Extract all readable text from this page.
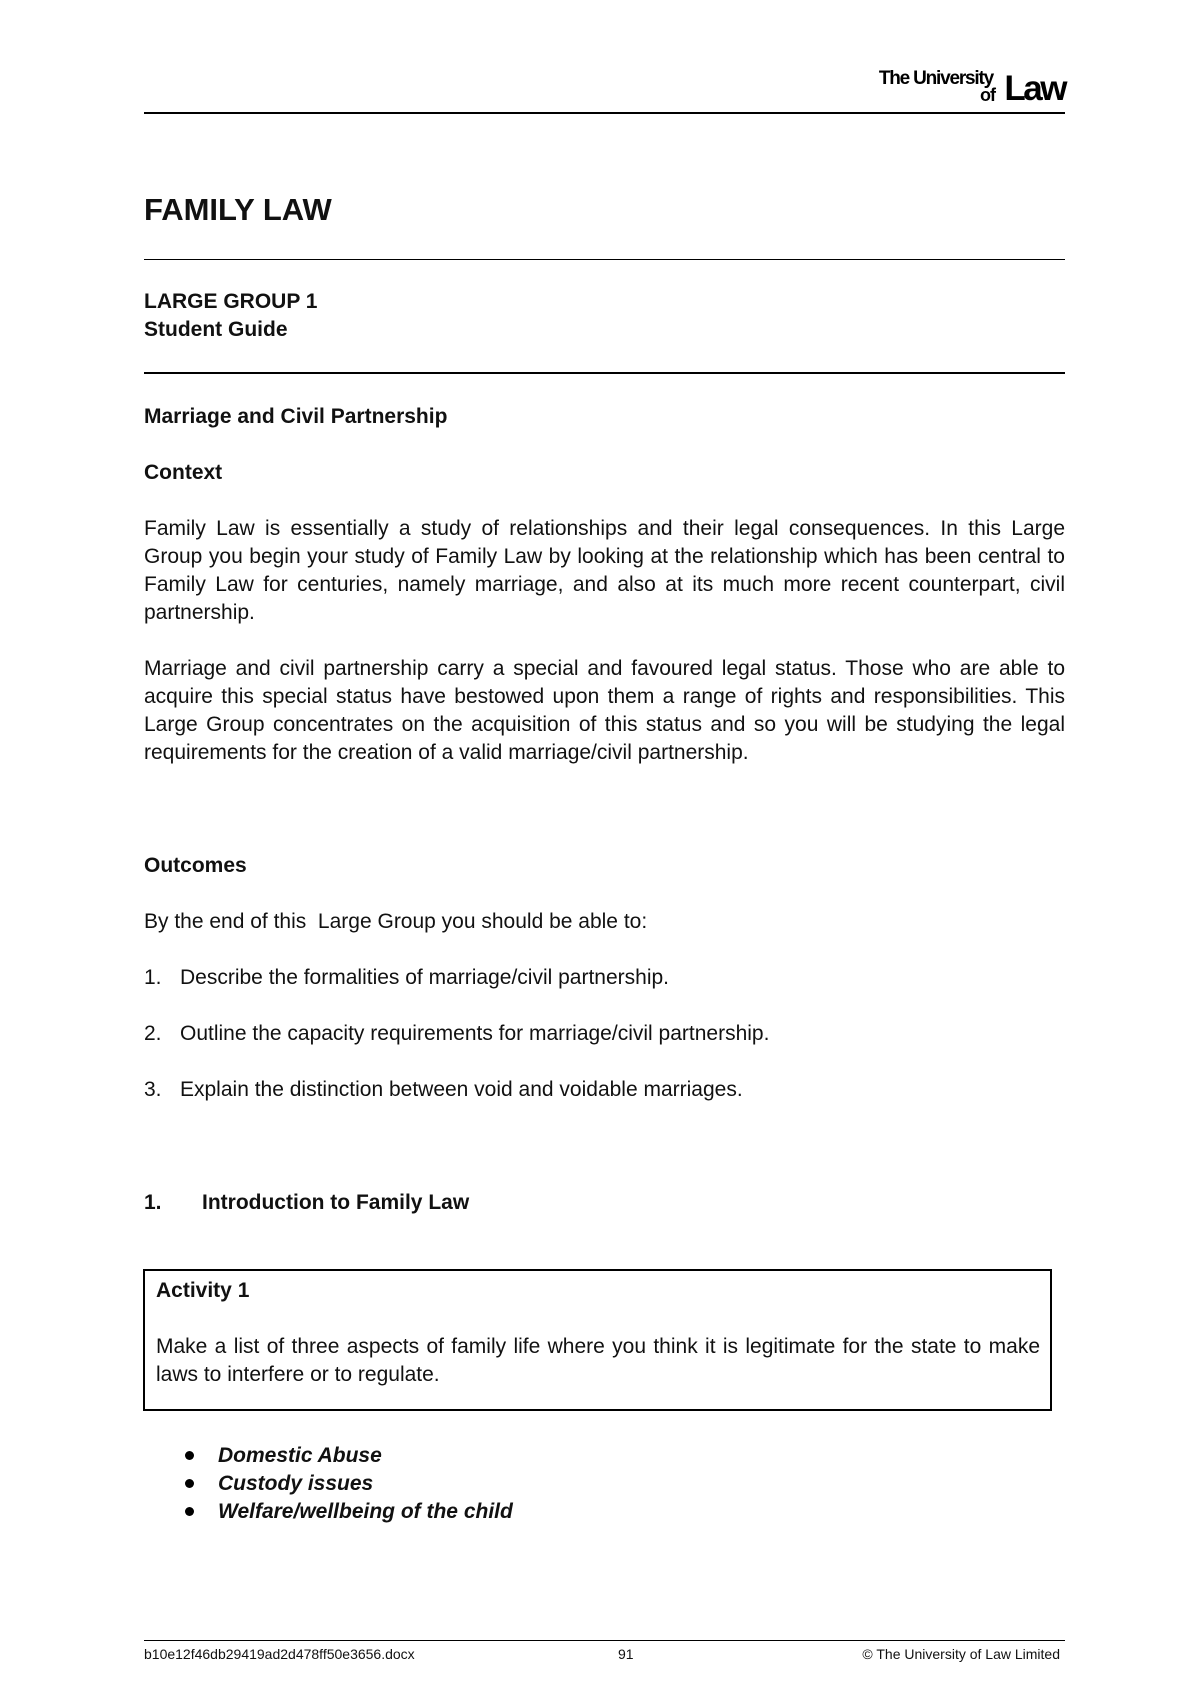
The University
of Law
FAMILY LAW
LARGE GROUP 1
Student Guide
Marriage and Civil Partnership
Context

Family Law is essentially a study of relationships and their legal consequences. In this Large Group you begin your study of Family Law by looking at the relationship which has been central to Family Law for centuries, namely marriage, and also at its much more recent counterpart, civil partnership.

Marriage and civil partnership carry a special and favoured legal status. Those who are able to acquire this special status have bestowed upon them a range of rights and responsibilities. This Large Group concentrates on the acquisition of this status and so you will be studying the legal requirements for the creation of a valid marriage/civil partnership.

Outcomes
By the end of this  Large Group you should be able to:
1. Describe the formalities of marriage/civil partnership.
2. Outline the capacity requirements for marriage/civil partnership.
3. Explain the distinction between void and voidable marriages.
1. Introduction to Family Law
Activity 1
Make a list of three aspects of family life where you think it is legitimate for the state to make laws to interfere or to regulate.
Domestic Abuse
Custody issues
Welfare/wellbeing of the child
b10e12f46db29419ad2d478ff50e3656.docx	91	© The University of Law Limited
